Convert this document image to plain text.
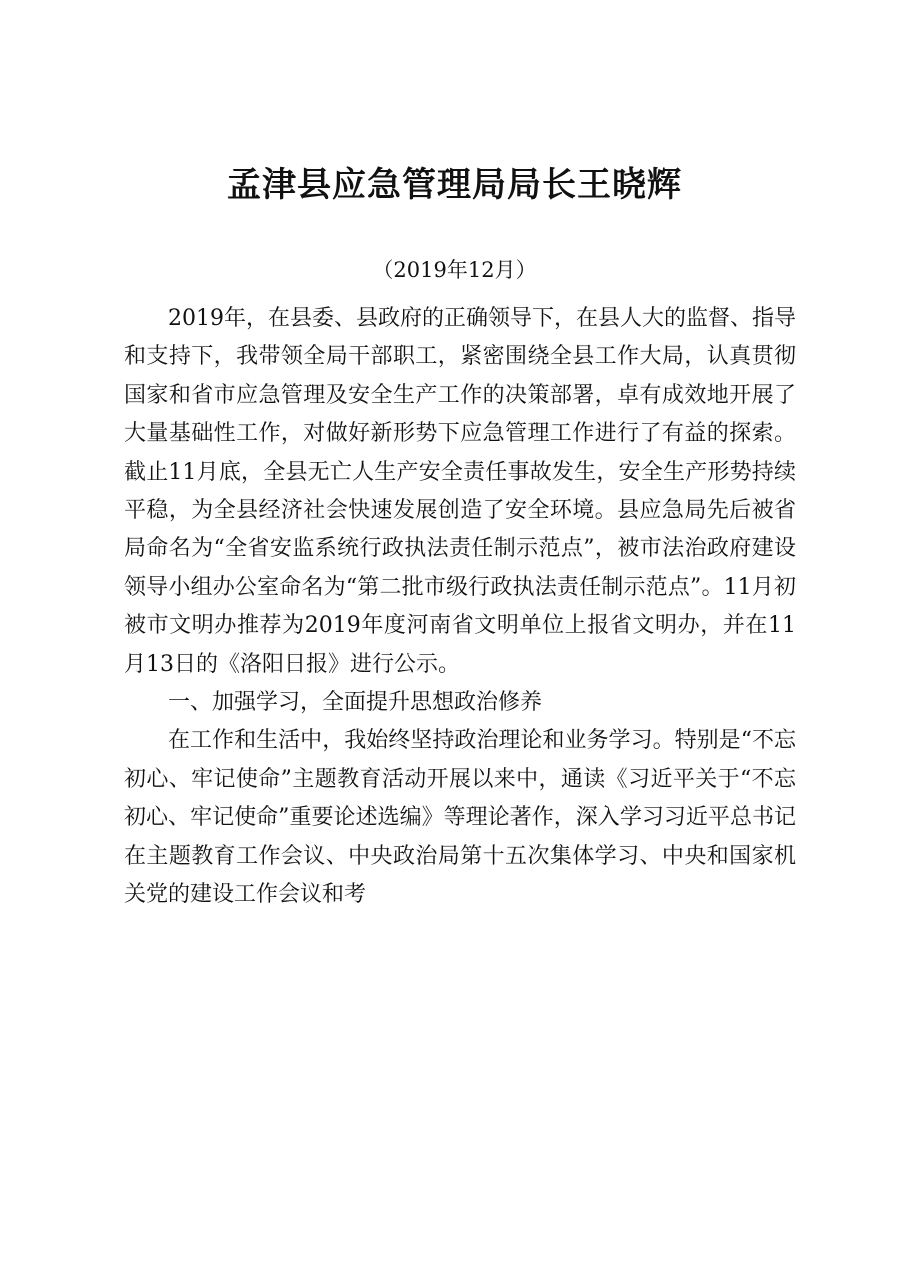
孟津县应急管理局局长王晓辉
（2019年12月）

2019年，在县委、县政府的正确领导下，在县人大的监督、指导和支持下，我带领全局干部职工，紧密围绕全县工作大局，认真贯彻国家和省市应急管理及安全生产工作的决策部署，卓有成效地开展了大量基础性工作，对做好新形势下应急管理工作进行了有益的探索。截止11月底，全县无亡人生产安全责任事故发生，安全生产形势持续平稳，为全县经济社会快速发展创造了安全环境。县应急局先后被省局命名为“全省安监系统行政执法责任制示范点”，被市法治政府建设领导小组办公室命名为“第二批市级行政执法责任制示范点”。11月初被市文明办推荐为2019年度河南省文明单位上报省文明办，并在11月13日的《洛阳日报》进行公示。

一、加强学习，全面提升思想政治修养

在工作和生活中，我始终坚持政治理论和业务学习。特别是“不忘初心、牢记使命”主题教育活动开展以来中，通读《习近平关于“不忘初心、牢记使命”重要论述选编》等理论著作，深入学习习近平总书记在主题教育工作会议、中央政治局第十五次集体学习、中央和国家机关党的建设工作会议和考
